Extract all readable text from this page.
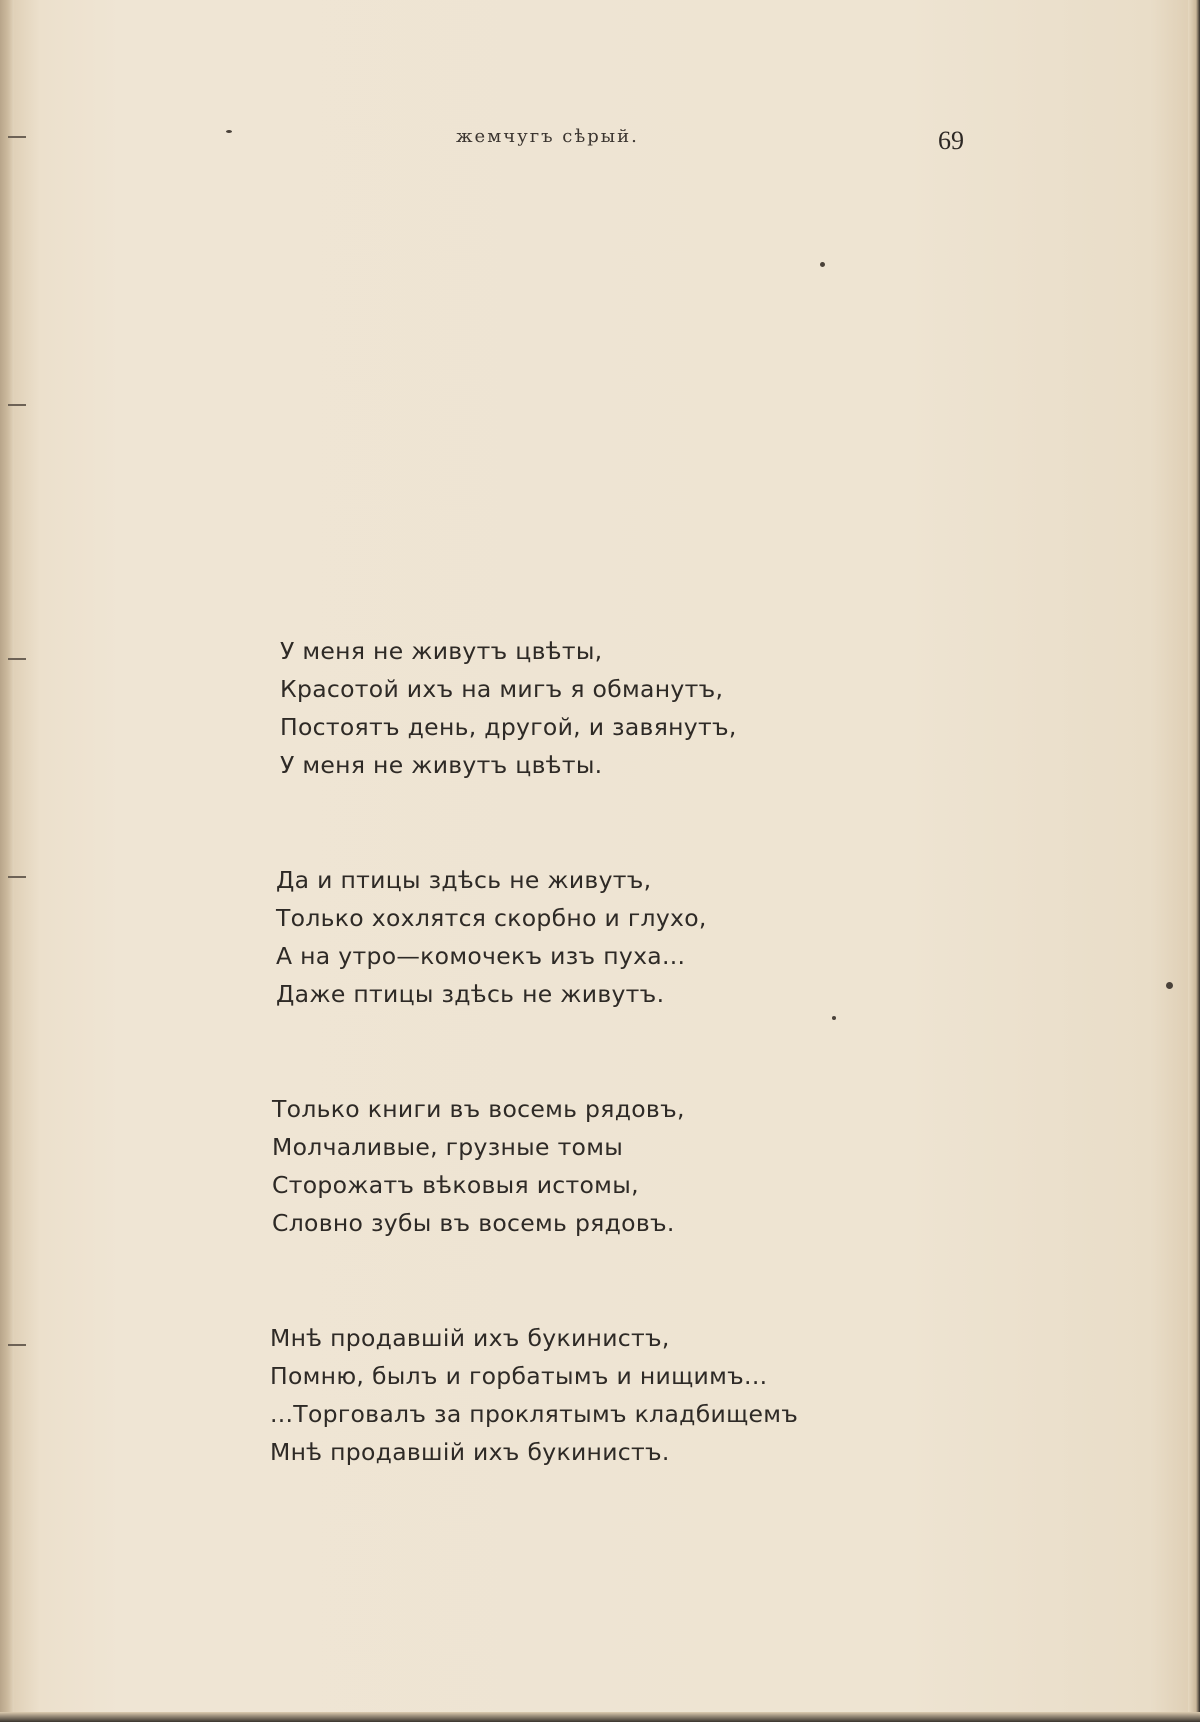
жемчугъ сѣрый.	69
У меня не живутъ цвѣты,
Красотой ихъ на мигъ я обманутъ,
Постоятъ день, другой, и завянутъ,
У меня не живутъ цвѣты.
Да и птицы здѣсь не живутъ,
Только хохлятся скорбно и глухо,
А на утро—комочекъ изъ пуха...
Даже птицы здѣсь не живутъ.
Только книги въ восемь рядовъ,
Молчаливые, грузные томы
Сторожатъ вѣковыя истомы,
Словно зубы въ восемь рядовъ.
Мнѣ продавшій ихъ букинистъ,
Помню, былъ и горбатымъ и нищимъ...
...Торговалъ за проклятымъ кладбищемъ
Мнѣ продавшій ихъ букинистъ.
